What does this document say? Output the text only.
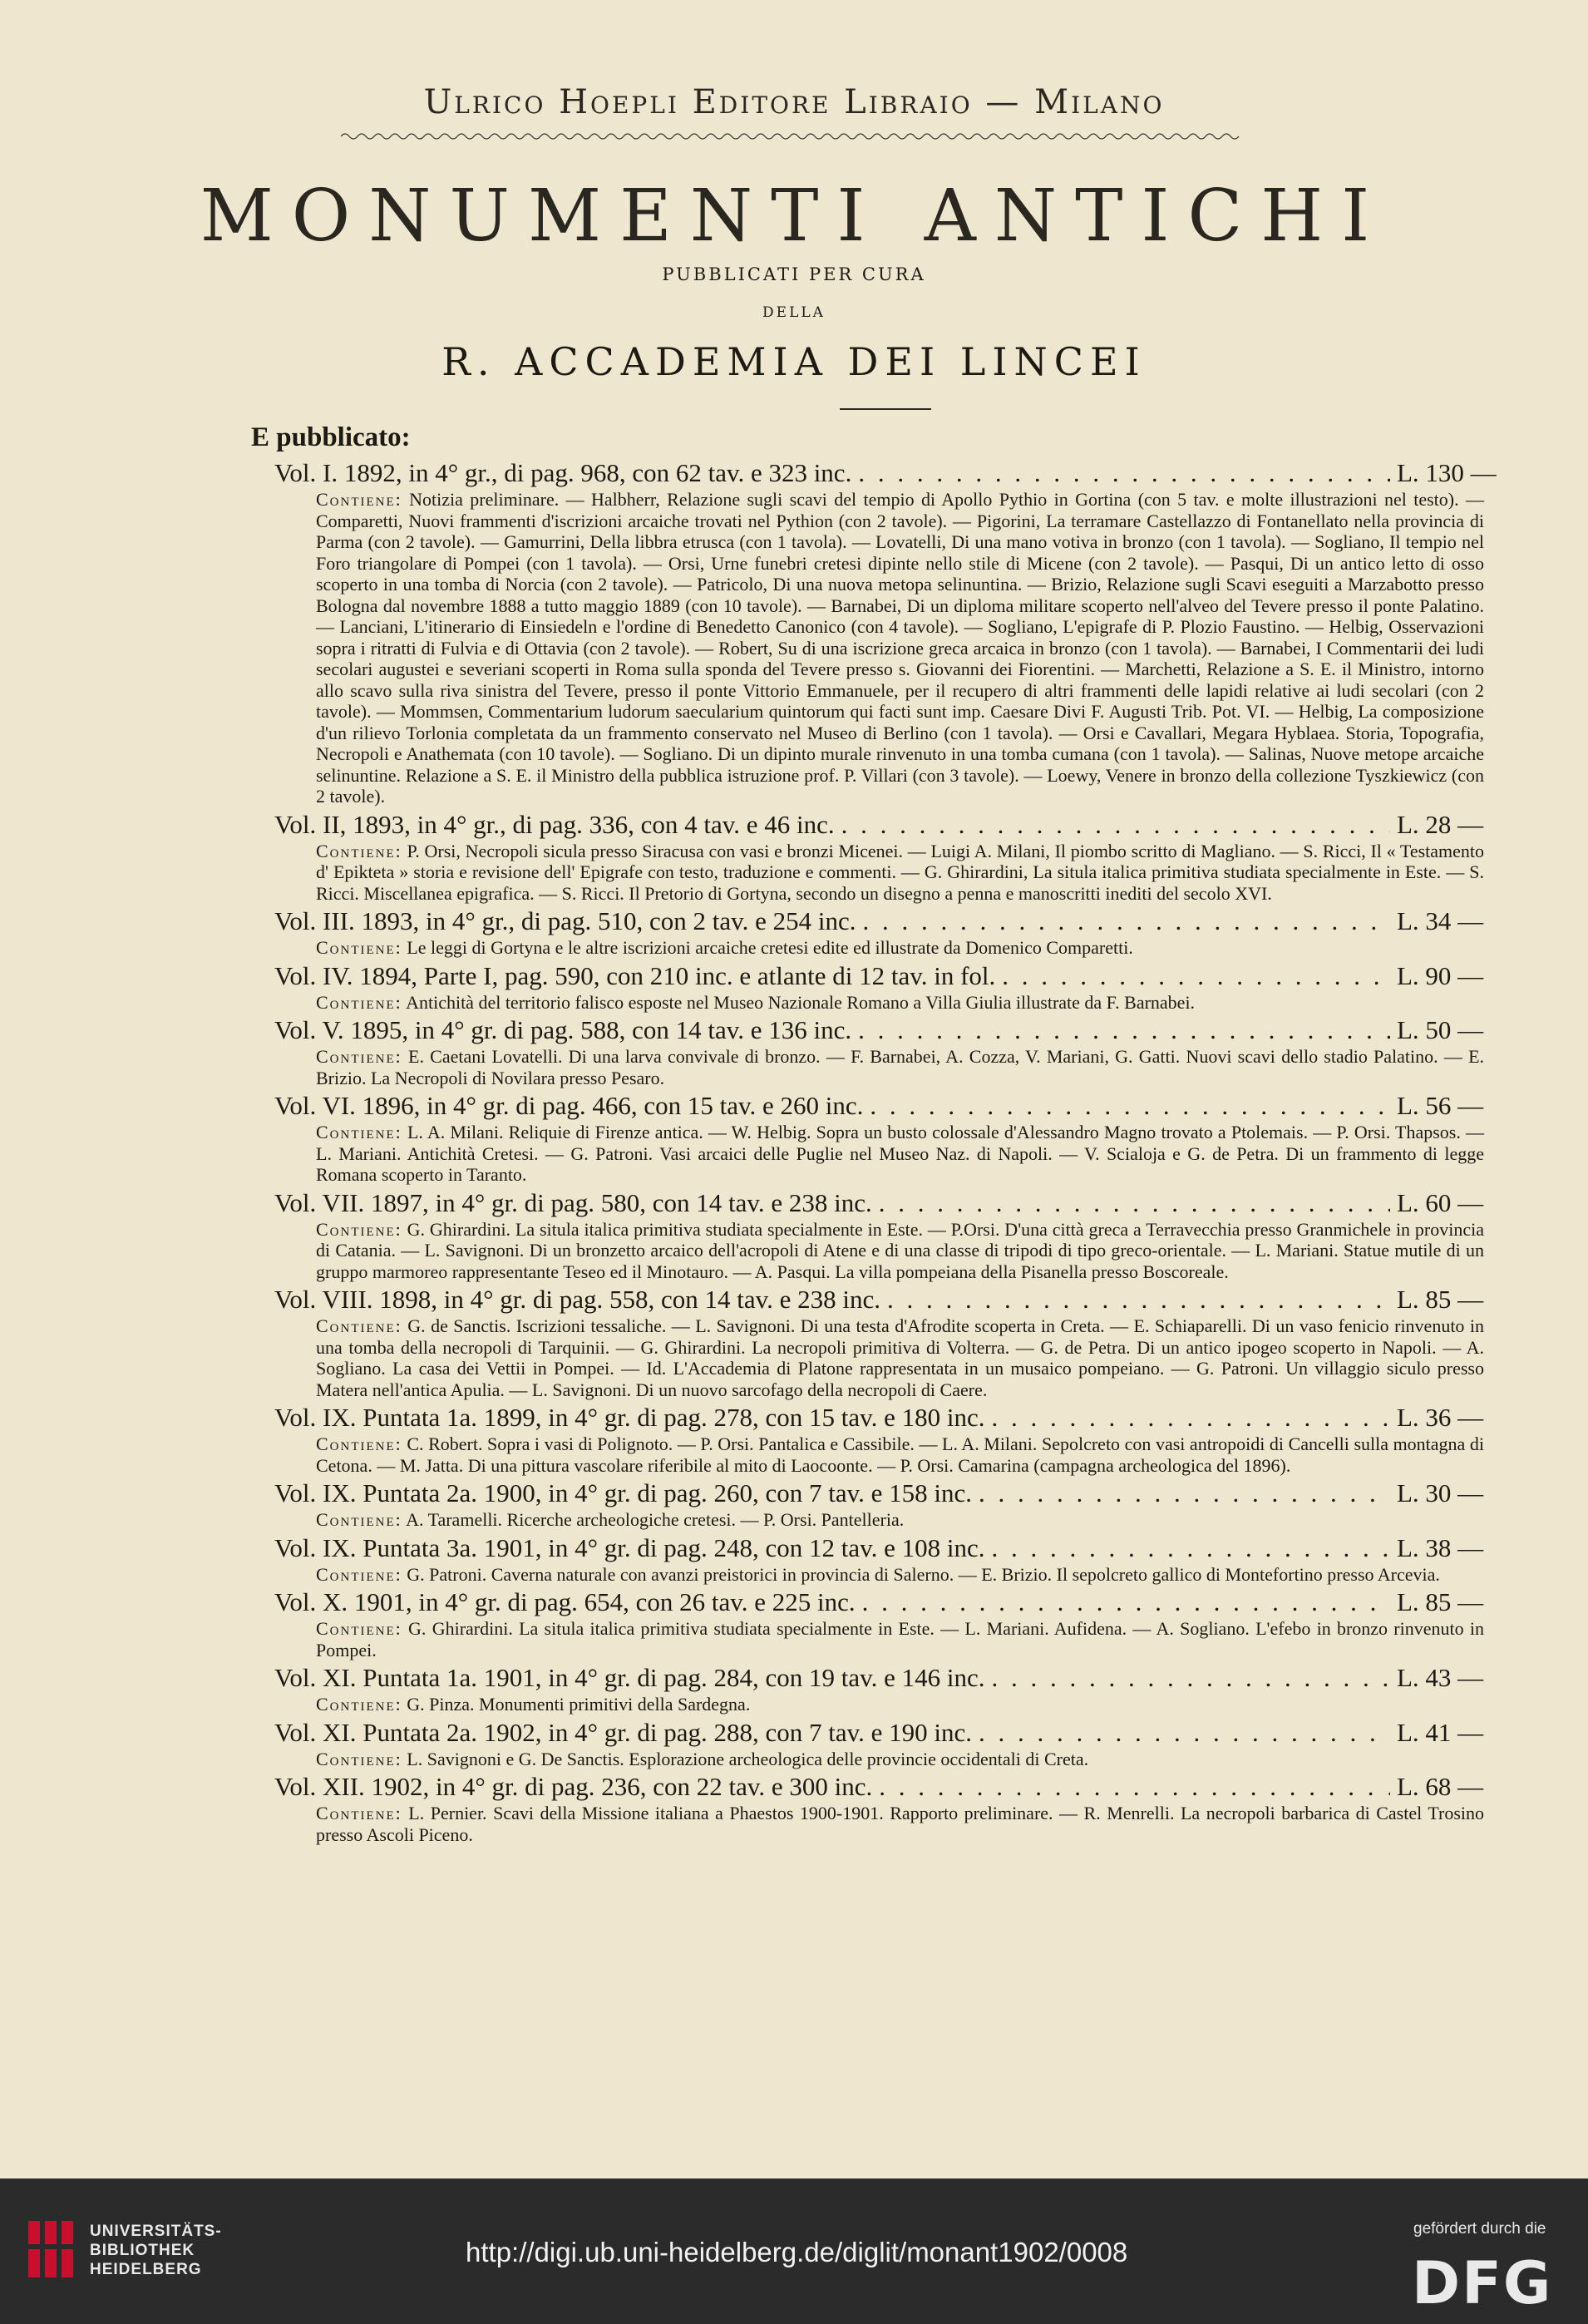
Ulrico Hoepli Editore Libraio — Milano
MONUMENTI ANTICHI
PUBBLICATI PER CURA
DELLA
R. ACCADEMIA DEI LINCEI
E pubblicato:
Vol. I. 1892, in 4° gr., di pag. 968, con 62 tav. e 323 inc. . . .	L. 130 —
Contiene: Notizia preliminare. — Halbherr, Relazione sugli scavi del tempio di Apollo Pythio in Gortina (con 5 tav. e molte illustrazioni nel testo). — Comparetti, Nuovi frammenti d'iscrizioni arcaiche trovati nel Pythion (con 2 tavole). — Pigorini, La terramare Castellazzo di Fontanellato nella provincia di Parma (con 2 tavole). — Gamurrini, Della libbra etrusca (con 1 tavola). — Lovatelli, Di una mano votiva in bronzo (con 1 tavola). — Sogliano, Il tempio nel Foro triangolare di Pompei (con 1 tavola). — Orsi, Urne funebri cretesi dipinte nello stile di Micene (con 2 tavole). — Pasqui, Di un antico letto di osso scoperto in una tomba di Norcia (con 2 tavole). — Patricolo, Di una nuova metopa selinuntina. — Brizio, Relazione sugli Scavi eseguiti a Marzabotto presso Bologna dal novembre 1888 a tutto maggio 1889 (con 10 tavole). — Barnabei, Di un diploma militare scoperto nell'alveo del Tevere presso il ponte Palatino. — Lanciani, L'itinerario di Einsiedeln e l'ordine di Benedetto Canonico (con 4 tavole). — Sogliano, L'epigrafe di P. Plozio Faustino. — Helbig, Osservazioni sopra i ritratti di Fulvia e di Ottavia (con 2 tavole). — Robert, Su di una iscrizione greca arcaica in bronzo (con 1 tavola). — Barnabei, I Commentarii dei ludi secolari augustei e severiani scoperti in Roma sulla sponda del Tevere presso s. Giovanni dei Fiorentini. — Marchetti, Relazione a S. E. il Ministro, intorno allo scavo sulla riva sinistra del Tevere, presso il ponte Vittorio Emmanuele, per il recupero di altri frammenti delle lapidi relative ai ludi secolari (con 2 tavole). — Mommsen, Commentarium ludorum saecularium quintorum qui facti sunt imp. Caesare Divi F. Augusti Trib. Pot. VI. — Helbig, La composizione d'un rilievo Torlonia completata da un frammento conservato nel Museo di Berlino (con 1 tavola). — Orsi e Cavallari, Megara Hyblaea. Storia, Topografia, Necropoli e Anathemata (con 10 tavole). — Sogliano. Di un dipinto murale rinvenuto in una tomba cumana (con 1 tavola). — Salinas, Nuove metope arcaiche selinuntine. Relazione a S. E. il Ministro della pubblica istruzione prof. P. Villari (con 3 tavole). — Loewy, Venere in bronzo della collezione Tyszkiewicz (con 2 tavole).
Vol. II, 1893, in 4° gr., di pag. 336, con 4 tav. e 46 inc. . . .	L. 28 —
Contiene: P. Orsi, Necropoli sicula presso Siracusa con vasi e bronzi Micenei. — Luigi A. Milani, Il piombo scritto di Magliano. — S. Ricci, Il « Testamento d' Epikteta » storia e revisione dell' Epigrafe con testo, traduzione e commenti. — G. Ghirardini, La situla italica primitiva studiata specialmente in Este. — S. Ricci. Miscellanea epigrafica. — S. Ricci. Il Pretorio di Gortyna, secondo un disegno a penna e manoscritti inediti del secolo XVI.
Vol. III. 1893, in 4° gr., di pag. 510, con 2 tav. e 254 inc. . . .	L. 34 —
Contiene: Le leggi di Gortyna e le altre iscrizioni arcaiche cretesi edite ed illustrate da Domenico Comparetti.
Vol. IV. 1894, Parte I, pag. 590, con 210 inc. e atlante di 12 tav. in fol. . . .	L. 90 —
Contiene: Antichità del territorio falisco esposte nel Museo Nazionale Romano a Villa Giulia illustrate da F. Barnabei.
Vol. V. 1895, in 4° gr. di pag. 588, con 14 tav. e 136 inc. . . .	L. 50 —
Contiene: E. Caetani Lovatelli. Di una larva convivale di bronzo. — F. Barnabei, A. Cozza, V. Mariani, G. Gatti. Nuovi scavi dello stadio Palatino. — E. Brizio. La Necropoli di Novilara presso Pesaro.
Vol. VI. 1896, in 4° gr. di pag. 466, con 15 tav. e 260 inc. . . .	L. 56 —
Contiene: L. A. Milani. Reliquie di Firenze antica. — W. Helbig. Sopra un busto colossale d'Alessandro Magno trovato a Ptolemais. — P. Orsi. Thapsos. — L. Mariani. Antichità Cretesi. — G. Patroni. Vasi arcaici delle Puglie nel Museo Naz. di Napoli. — V. Scialoja e G. de Petra. Di un frammento di legge Romana scoperto in Taranto.
Vol. VII. 1897, in 4° gr. di pag. 580, con 14 tav. e 238 inc. . . .	L. 60 —
Contiene: G. Ghirardini. La situla italica primitiva studiata specialmente in Este. — P.Orsi. D'una città greca a Terravecchia presso Granmichele in provincia di Catania. — L. Savignoni. Di un bronzetto arcaico dell'acropoli di Atene e di una classe di tripodi di tipo greco-orientale. — L. Mariani. Statue mutile di un gruppo marmoreo rappresentante Teseo ed il Minotauro. — A. Pasqui. La villa pompeiana della Pisanella presso Boscoreale.
Vol. VIII. 1898, in 4° gr. di pag. 558, con 14 tav. e 238 inc. . . .	L. 85 —
Contiene: G. de Sanctis. Iscrizioni tessaliche. — L. Savignoni. Di una testa d'Afrodite scoperta in Creta. — E. Schiaparelli. Di un vaso fenicio rinvenuto in una tomba della necropoli di Tarquinii. — G. Ghirardini. La necropoli primitiva di Volterra. — G. de Petra. Di un antico ipogeo scoperto in Napoli. — A. Sogliano. La casa dei Vettii in Pompei. — Id. L'Accademia di Platone rappresentata in un musaico pompeiano. — G. Patroni. Un villaggio siculo presso Matera nell'antica Apulia. — L. Savignoni. Di un nuovo sarcofago della necropoli di Caere.
Vol. IX. Puntata 1a. 1899, in 4° gr. di pag. 278, con 15 tav. e 180 inc. . . .	L. 36 —
Contiene: C. Robert. Sopra i vasi di Polignoto. — P. Orsi. Pantalica e Cassibile. — L. A. Milani. Sepolcreto con vasi antropoidi di Cancelli sulla montagna di Cetona. — M. Jatta. Di una pittura vascolare riferibile al mito di Laocoonte. — P. Orsi. Camarina (campagna archeologica del 1896).
Vol. IX. Puntata 2a. 1900, in 4° gr. di pag. 260, con 7 tav. e 158 inc. . . .	L. 30 —
Contiene: A. Taramelli. Ricerche archeologiche cretesi. — P. Orsi. Pantelleria.
Vol. IX. Puntata 3a. 1901, in 4° gr. di pag. 248, con 12 tav. e 108 inc. . . .	L. 38 —
Contiene: G. Patroni. Caverna naturale con avanzi preistorici in provincia di Salerno. — E. Brizio. Il sepolcreto gallico di Montefortino presso Arcevia.
Vol. X. 1901, in 4° gr. di pag. 654, con 26 tav. e 225 inc. . . .	L. 85 —
Contiene: G. Ghirardini. La situla italica primitiva studiata specialmente in Este. — L. Mariani. Aufidena. — A. Sogliano. L'efebo in bronzo rinvenuto in Pompei.
Vol. XI. Puntata 1a. 1901, in 4° gr. di pag. 284, con 19 tav. e 146 inc. . . .	L. 43 —
Contiene: G. Pinza. Monumenti primitivi della Sardegna.
Vol. XI. Puntata 2a. 1902, in 4° gr. di pag. 288, con 7 tav. e 190 inc. . . .	L. 41 —
Contiene: L. Savignoni e G. De Sanctis. Esplorazione archeologica delle provincie occidentali di Creta.
Vol. XII. 1902, in 4° gr. di pag. 236, con 22 tav. e 300 inc. . . .	L. 68 —
Contiene: L. Pernier. Scavi della Missione italiana a Phaestos 1900-1901. Rapporto preliminare. — R. Menrelli. La necropoli barbarica di Castel Trosino presso Ascoli Piceno.
UNIVERSITÄTS-
BIBLIOTHEK
HEIDELBERG
http://digi.ub.uni-heidelberg.de/diglit/monant1902/0008
gefördert durch die
DFG
